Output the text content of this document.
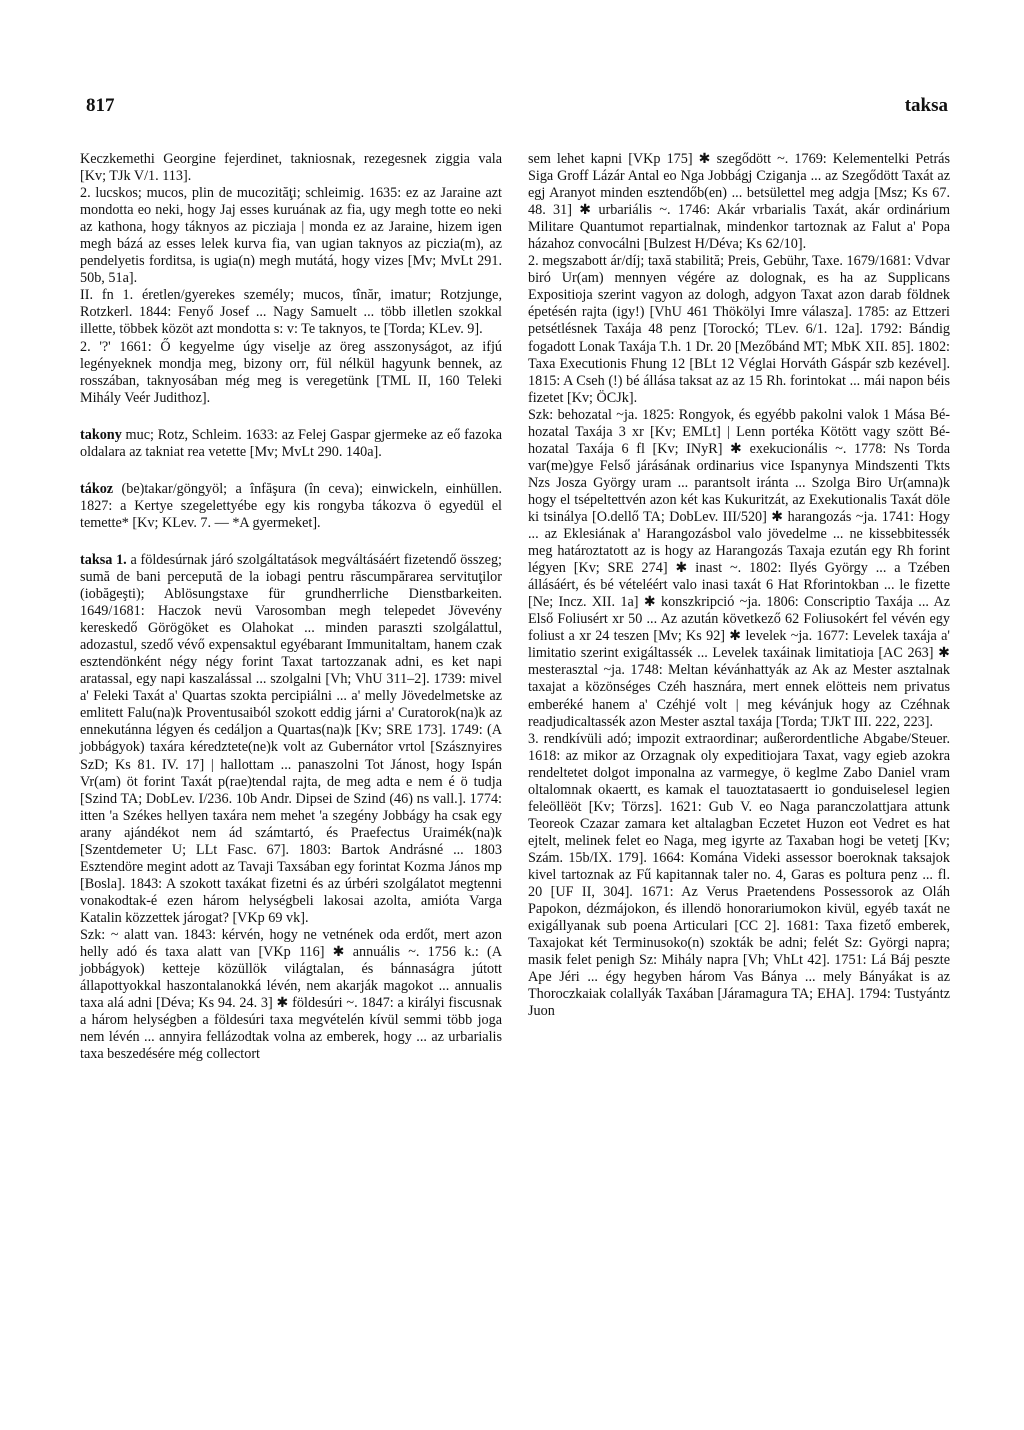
817	taksa

Keczkemethi Georgine fejerdinet, takniosnak, rezegesnek ziggia vala [Kv; TJk V/1. 113].

2. lucskos; mucos, plin de mucozităţi; schleimig. 1635: ez az Jaraine azt mondotta eo neki, hogy Jaj esses kuruának az fia, ugy megh totte eo neki az kathona, hogy táknyos az picziaja | monda ez az Jaraine, hizem igen megh bázá az esses lelek kurva fia, van ugian taknyos az piczia(m), az pendelyetis forditsa, is ugia(n) megh mutátá, hogy vizes [Mv; MvLt 291. 50b, 51a].

II. fn 1. éretlen/gyerekes személy; mucos, tînăr, imatur; Rotzjunge, Rotzkerl. 1844: Fenyő Josef ... Nagy Samuelt ... több illetlen szokkal illette, többek közöt azt mondotta s: v: Te taknyos, te [Torda; KLev. 9].

2. '?' 1661: Ő kegyelme úgy viselje az öreg asszonyságot, az ifjú legényeknek mondja meg, bizony orr, fül nélkül hagyunk bennek, az rosszában, taknyosában még meg is veregetünk [TML II, 160 Teleki Mihály Veér Judithoz].

takony muc; Rotz, Schleim. 1633: az Felej Gaspar gjermeke az eő fazoka oldalara az takniat rea vetette [Mv; MvLt 290. 140a].

tákoz (be)takar/göngyöl; a înfăşura (în ceva); einwickeln, einhüllen. 1827: a Kertye szegelettyébe egy kis rongyba tákozva ö egyedül el temette* [Kv; KLev. 7. — *A gyermeket].

taksa 1. a földesúrnak járó szolgáltatások megváltásáért fizetendő összeg; sumă de bani percepută de la iobagi pentru răscumpărarea servituţilor (iobăgeşti); Ablösungstaxe für grundherrliche Dienstbarkeiten. 1649/1681: Haczok nevü Varosomban megh telepedet Jövevény kereskedő Görögöket es Olahokat ... minden paraszti szolgálattul, adozastul, szedő vévő expensaktul egyébarant Immunitaltam, hanem czak esztendönként négy négy forint Taxat tartozzanak adni, es ket napi aratassal, egy napi kaszalással ... szolgalni [Vh; VhU 311–2]. 1739: mivel a' Feleki Taxát a' Quartas szokta percipiálni ... a' melly Jövedelmetske az emlitett Falu(na)k Proventusaiból szokott eddig járni a' Curatorok(na)k az ennekutánna légyen és cedáljon a Quartas(na)k [Kv; SRE 173]. 1749: (A jobbágyok) taxára kéredztete(ne)k volt az Gubernátor vrtol [Szásznyires SzD; Ks 81. IV. 17] | hallottam ... panaszolni Tot Jánost, hogy Ispán Vr(am) öt forint Taxát p(rae)tendal rajta, de meg adta e nem é ö tudja [Szind TA; DobLev. I/236. 10b Andr. Dipsei de Szind (46) ns vall.]. 1774: itten 'a Székes hellyen taxára nem mehet 'a szegény Jobbágy ha csak egy arany ajándékot nem ád számtartó, és Praefectus Uraimék(na)k [Szentdemeter U; LLt Fasc. 67]. 1803: Bartok Andrásné ... 1803 Esztendöre megint adott az Tavaji Taxsában egy forintat Kozma János mp [Bosla]. 1843: A szokott taxákat fizetni és az úrbéri szolgálatot megtenni vonakodtak-é ezen három helységbeli lakosai azolta, amióta Varga Katalin közzettek járogat? [VKp 69 vk].

Szk: ~ alatt van. 1843: kérvén, hogy ne vetnének oda erdőt, mert azon helly adó és taxa alatt van [VKp 116] ✱ annuális ~. 1756 k.: (A jobbágyok) ketteje közüllök világtalan, és bánnaságra jútott állapottyokkal haszontalanokká lévén, nem akarják magokot ... annualis taxa alá adni [Déva; Ks 94. 24. 3] ✱ földesúri ~. 1847: a királyi fiscusnak a három helységben a földesúri taxa megvételén kívül semmi több joga nem lévén ... annyira fellázodtak volna az emberek, hogy ... az urbarialis taxa beszedésére még collectort

sem lehet kapni [VKp 175] ✱ szegődött ~. 1769: Kelementelki Petrás Siga Groff Lázár Antal eo Nga Jobbágj Cziganja ... az Szegődött Taxát az egj Aranyot minden esztendőb(en) ... betsülettel meg adgja [Msz; Ks 67. 48. 31] ✱ urbariális ~. 1746: Akár vrbarialis Taxát, akár ordinárium Militare Quantumot repartialnak, mindenkor tartoznak az Falut a' Popa házahoz convocálni [Bulzest H/Déva; Ks 62/10].

2. megszabott ár/díj; taxă stabilită; Preis, Gebühr, Taxe. 1679/1681: Vdvar biró Ur(am) mennyen végére az dolognak, es ha az Supplicans Expositioja szerint vagyon az dologh, adgyon Taxat azon darab földnek épetésén rajta (igy!) [VhU 461 Thökölyi Imre válasza]. 1785: az Ettzeri petsétlésnek Taxája 48 penz [Torockó; TLev. 6/1. 12a]. 1792: Bándig fogadott Lonak Taxája T.h. 1 Dr. 20 [Mezőbánd MT; MbK XII. 85]. 1802: Taxa Executionis Fhung 12 [BLt 12 Véglai Horváth Gáspár szb kezével]. 1815: A Cseh (!) bé állása taksat az az 15 Rh. forintokat ... mái napon béis fizetet [Kv; ÖCJk].

Szk: behozatal ~ja. 1825: Rongyok, és egyébb pakolni valok 1 Mása Bé-hozatal Taxája 3 xr [Kv; EMLt] | Lenn portéka Kötött vagy szött Bé-hozatal Taxája 6 fl [Kv; INyR] ✱ exekucionális ~. 1778: Ns Torda var(me)gye Felső járásának ordinarius vice Ispanynya Mindszenti Tkts Nzs Josza György uram ... parantsolt iránta ... Szolga Biro Ur(amna)k hogy el tsépeltettvén azon két kas Kukuritzát, az Exekutionalis Taxát döle ki tsinálya [O.dellő TA; DobLev. III/520] ✱ harangozás ~ja. 1741: Hogy ... az Eklesiának a' Harangozásbol valo jövedelme ... ne kissebbitessék meg határoztatott az is hogy az Harangozás Taxaja ezután egy Rh forint légyen [Kv; SRE 274] ✱ inast ~. 1802: Ilyés György ... a Tzében állásáért, és bé vételéért valo inasi taxát 6 Hat Rforintokban ... le fizette [Ne; Incz. XII. 1a] ✱ konszkripció ~ja. 1806: Conscriptio Taxája ... Az Első Foliusért xr 50 ... Az azután következő 62 Foliusokért fel vévén egy foliust a xr 24 teszen [Mv; Ks 92] ✱ levelek ~ja. 1677: Levelek taxája a' limitatio szerint exigáltassék ... Levelek taxáinak limitatioja [AC 263] ✱ mesterasztal ~ja. 1748: Meltan kévánhattyák az Ak az Mester asztalnak taxajat a közönséges Czéh hasznára, mert ennek elötteis nem privatus emberéké hanem a' Czéhjé volt | meg kévánjuk hogy az Czéhnak readjudicaltassék azon Mester asztal taxája [Torda; TJkT III. 222, 223].

3. rendkívüli adó; impozit extraordinar; außerordentliche Abgabe/Steuer. 1618: az mikor az Orzagnak oly expeditiojara Taxat, vagy egieb azokra rendeltetet dolgot imponalna az varmegye, ö keglme Zabo Daniel vram oltalomnak okaertt, es kamak el tauoztatasaertt io gonduiselesel legien feleöllëöt [Kv; Törzs]. 1621: Gub V. eo Naga paranczolattjara attunk Teoreok Czazar zamara ket altalagban Eczetet Huzon eot Vedret es hat ejtelt, melinek felet eo Naga, meg igyrte az Taxaban hogi be vetetj [Kv; Szám. 15b/IX. 179]. 1664: Komána Videki assessor boeroknak taksajok kivel tartoznak az Fű kapitannak taler no. 4, Garas es poltura penz ... fl. 20 [UF II, 304]. 1671: Az Verus Praetendens Possessorok az Oláh Papokon, dézmájokon, és illendö honorariumokon kivül, egyéb taxát ne exigállyanak sub poena Articulari [CC 2]. 1681: Taxa fizető emberek, Taxajokat két Terminusoko(n) szokták be adni; felét Sz: Györgi napra; masik felet penigh Sz: Mihály napra [Vh; VhLt 42]. 1751: Lá Báj peszte Ape Jéri ... égy hegyben három Vas Bánya ... mely Bányákat is az Thoroczkaiak colallyák Taxában [Járamagura TA; EHA]. 1794: Tustyántz Juon
